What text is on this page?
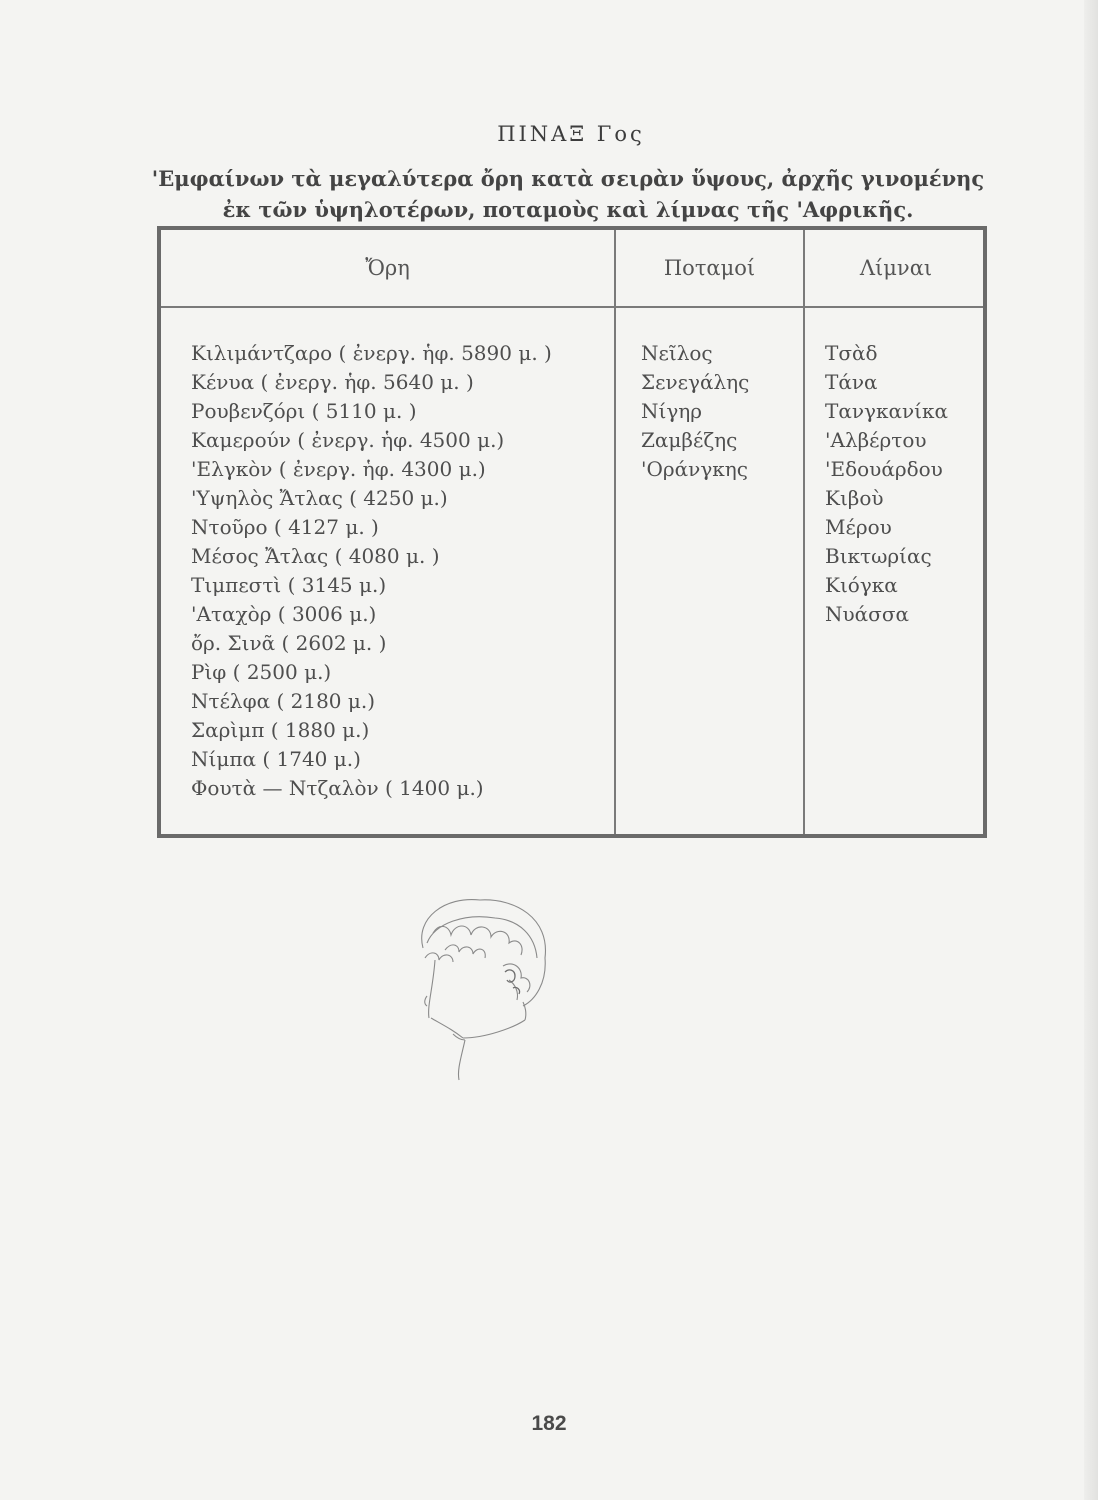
ΠΙΝΑΞ Γος
'Εμφαίνων τὰ μεγαλύτερα ὄρη κατὰ σειρὰν ὕψους, ἀρχῆς γινομένης ἐκ τῶν ὑψηλοτέρων, ποταμοὺς καὶ λίμνας τῆς 'Αφρικῆς.
Ὄρη	Ποταμοί	Λίμναι
Κιλιμάντζαρο ( ἐνεργ. ἡφ. 5890 μ. )
Κένυα ( ἐνεργ. ἡφ. 5640 μ. )
Ρουβενζόρι ( 5110 μ. )
Καμερούν ( ἐνεργ. ἡφ. 4500 μ.)
'Ελγκὸν ( ἐνεργ. ἡφ. 4300 μ.)
'Υψηλὸς Ἄτλας ( 4250 μ.)
Ντοῦρο ( 4127 μ. )
Μέσος Ἄτλας ( 4080 μ. )
Τιμπεστὶ ( 3145 μ.)
'Αταχὸρ ( 3006 μ.)
ὄρ. Σινᾶ ( 2602 μ. )
Ρὶφ ( 2500 μ.)
Ντέλφα ( 2180 μ.)
Σαρὶμπ ( 1880 μ.)
Νίμπα ( 1740 μ.)
Φουτὰ — Ντζαλὸν ( 1400 μ.)
Νεῖλος
Σενεγάλης
Νίγηρ
Ζαμβέζης
'Οράνγκης
Τσὰδ
Τάνα
Τανγκανίκα
'Αλβέρτου
'Εδουάρδου
Κιβοὺ
Μέρου
Βικτωρίας
Κιόγκα
Νυάσσα
182
